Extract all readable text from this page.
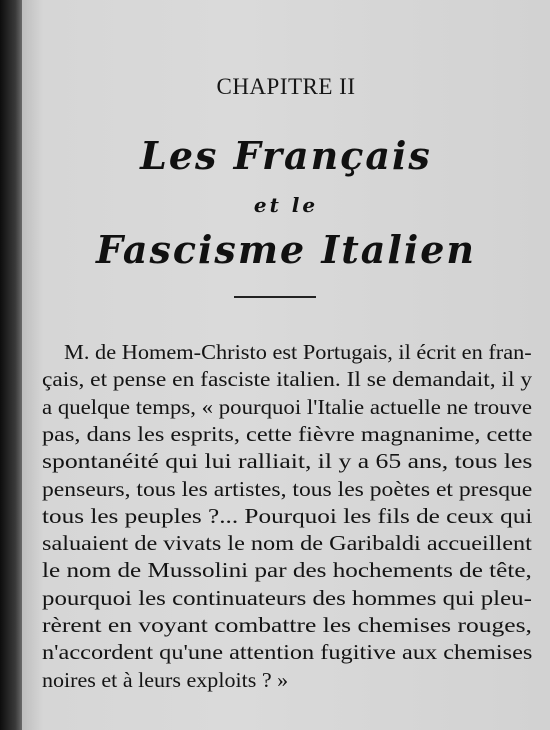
CHAPITRE II
Les Français
et le
Fascisme Italien
M. de Homem-Christo est Portugais, il écrit en fran-
çais, et pense en fasciste italien. Il se demandait, il y
a quelque temps, « pourquoi l'Italie actuelle ne trouve
pas, dans les esprits, cette fièvre magnanime, cette
spontanéité qui lui ralliait, il y a 65 ans, tous les
penseurs, tous les artistes, tous les poètes et presque
tous les peuples ?... Pourquoi les fils de ceux qui
saluaient de vivats le nom de Garibaldi accueillent
le nom de Mussolini par des hochements de tête,
pourquoi les continuateurs des hommes qui pleu-
rèrent en voyant combattre les chemises rouges,
n'accordent qu'une attention fugitive aux chemises
noires et à leurs exploits ? »
